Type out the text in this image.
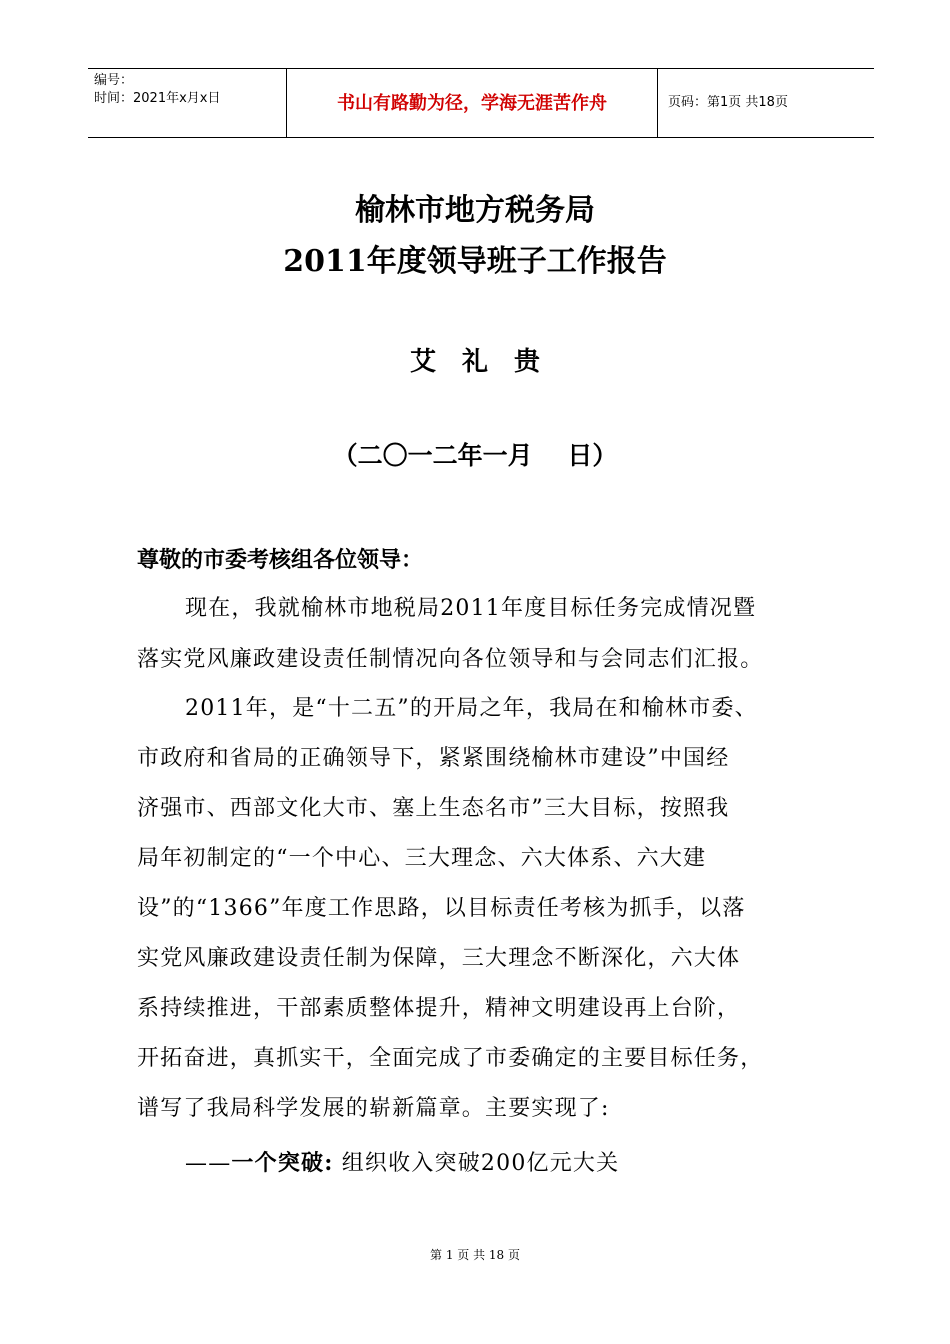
编号：
时间：2021年x月x日	书山有路勤为径，学海无涯苦作舟	页码：第1页 共18页
榆林市地方税务局
2011年度领导班子工作报告
艾礼贵
（二〇一二年一月    日）
尊敬的市委考核组各位领导：
现在，我就榆林市地税局2011年度目标任务完成情况暨
落实党风廉政建设责任制情况向各位领导和与会同志们汇报。
2011年，是“十二五”的开局之年，我局在和榆林市委、
市政府和省局的正确领导下，紧紧围绕榆林市建设”中国经
济强市、西部文化大市、塞上生态名市”三大目标，按照我
局年初制定的“一个中心、三大理念、六大体系、六大建
设”的“1366”年度工作思路，以目标责任考核为抓手，以落
实党风廉政建设责任制为保障，三大理念不断深化，六大体
系持续推进，干部素质整体提升，精神文明建设再上台阶，
开拓奋进，真抓实干，全面完成了市委确定的主要目标任务，
谱写了我局科学发展的崭新篇章。主要实现了:
——一个突破: 组织收入突破200亿元大关
第 1 页 共 18 页
